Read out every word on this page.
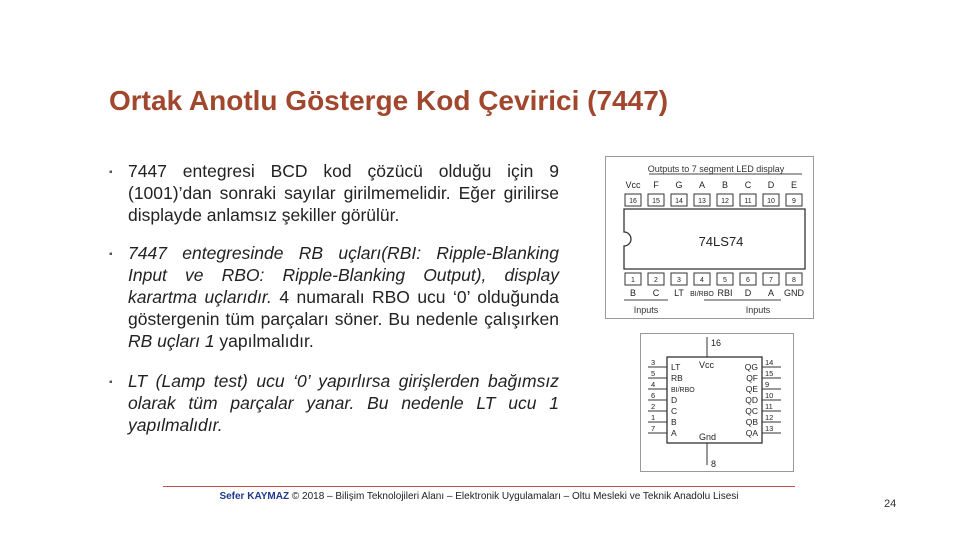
Ortak Anotlu Gösterge Kod Çevirici (7447)
▪ 7447 entegresi BCD kod çözücü olduğu için 9 (1001)’dan sonraki sayılar girilmemelidir. Eğer girilirse displayde anlamsız şekiller görülür.
▪ 7447 entegresinde RB uçları(RBI: Ripple-Blanking Input ve RBO: Ripple-Blanking Output), display karartma uçlarıdır. 4 numaralı RBO ucu ‘0’ olduğunda göstergenin tüm parçaları söner. Bu nedenle çalışırken RB uçları 1 yapılmalıdır.
▪ LT (Lamp test) ucu ‘0’ yapırlırsa girişlerden bağımsız olarak tüm parçalar yanar. Bu nedenle LT ucu 1 yapılmalıdır.
Outputs to 7 segment LED display
Vcc F G A B C D E
16 15 14 13 12 11 10 9
74LS74
1	2	3	4	5	6	7	8
B C LT BI/RBO RBI D A GND
Inputs	Inputs
16
Vcc
Gnd
8
3
5
4
6
2
1
7
LT
RB
BI/RBO
D
C
B
A
QG
QF
QE
QD
QC
QB
QA
14
15
9
10
11
12
13
Sefer KAYMAZ © 2018 – Bilişim Teknolojileri Alanı – Elektronik Uygulamaları – Oltu Mesleki ve Teknik Anadolu Lisesi
24
